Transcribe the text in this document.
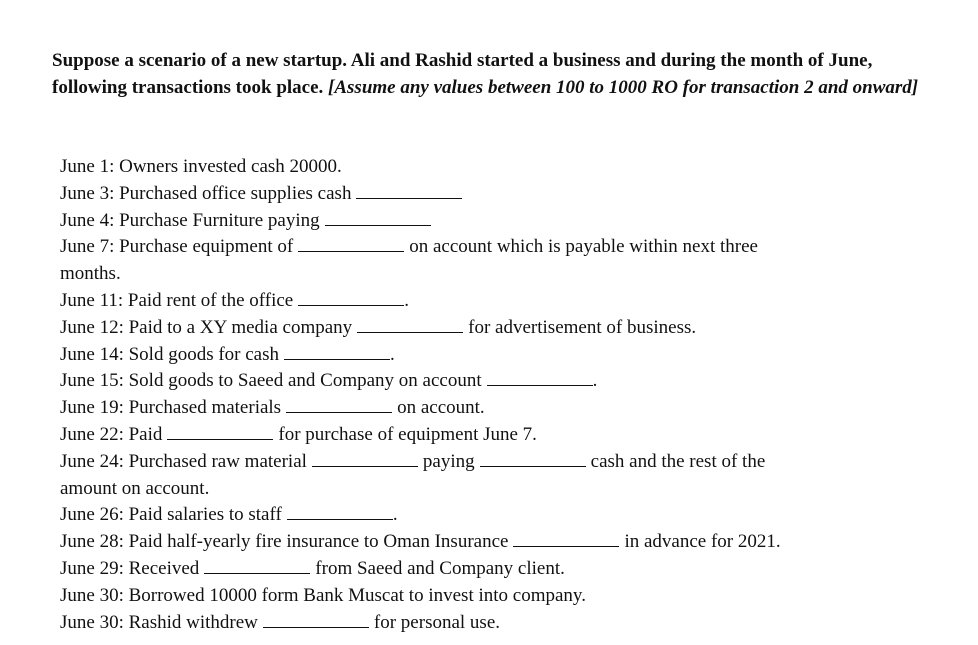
Suppose a scenario of a new startup. Ali and Rashid started a business and during the month of June, following transactions took place. [Assume any values between 100 to 1000 RO for transaction 2 and onward]

June 1: Owners invested cash 20000.
June 3: Purchased office supplies cash
June 4: Purchase Furniture paying
June 7: Purchase equipment of	on account which is payable within next three
months.
June 11: Paid rent of the office	.
June 12: Paid to a XY media company	for advertisement of business.
June 14: Sold goods for cash	.
June 15: Sold goods to Saeed and Company on account	.
June 19: Purchased materials	on account.
June 22: Paid	for purchase of equipment June 7.
June 24: Purchased raw material	paying	cash and the rest of the
amount on account.
June 26: Paid salaries to staff	.
June 28: Paid half-yearly fire insurance to Oman Insurance	in advance for 2021.
June 29: Received	from Saeed and Company client.
June 30: Borrowed 10000 form Bank Muscat to invest into company.
June 30: Rashid withdrew	for personal use.
